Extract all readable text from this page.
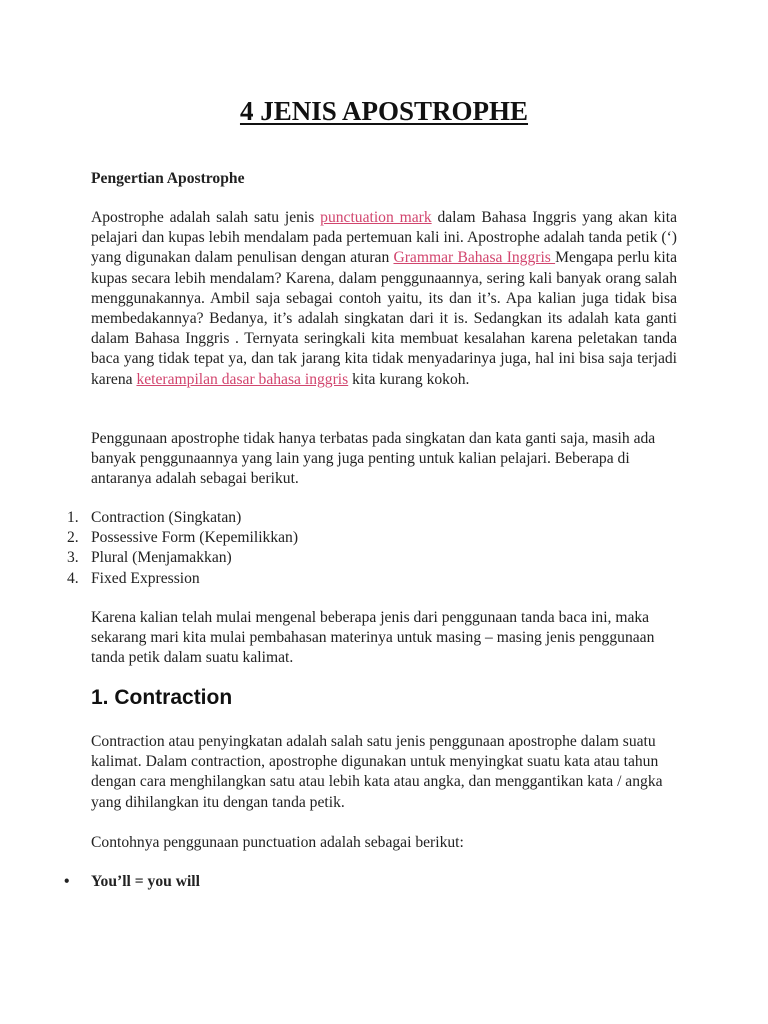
4 JENIS APOSTROPHE

Pengertian Apostrophe

Apostrophe adalah salah satu jenis punctuation mark dalam Bahasa Inggris yang akan kita pelajari dan kupas lebih mendalam pada pertemuan kali ini. Apostrophe adalah tanda petik (‘) yang digunakan dalam penulisan dengan aturan Grammar Bahasa Inggris Mengapa perlu kita kupas secara lebih mendalam? Karena, dalam penggunaannya, sering kali banyak orang salah menggunakannya. Ambil saja sebagai contoh yaitu, its dan it’s. Apa kalian juga tidak bisa membedakannya? Bedanya, it’s adalah singkatan dari it is. Sedangkan its adalah kata ganti dalam Bahasa Inggris . Ternyata seringkali kita membuat kesalahan karena peletakan tanda baca yang tidak tepat ya, dan tak jarang kita tidak menyadarinya juga, hal ini bisa saja terjadi karena keterampilan dasar bahasa inggris kita kurang kokoh.

Penggunaan apostrophe tidak hanya terbatas pada singkatan dan kata ganti saja, masih ada banyak penggunaannya yang lain yang juga penting untuk kalian pelajari. Beberapa di antaranya adalah sebagai berikut.

1. Contraction (Singkatan)
2. Possessive Form (Kepemilikkan)
3. Plural (Menjamakkan)
4. Fixed Expression

Karena kalian telah mulai mengenal beberapa jenis dari penggunaan tanda baca ini, maka sekarang mari kita mulai pembahasan materinya untuk masing – masing jenis penggunaan tanda petik dalam suatu kalimat.

1. Contraction

Contraction atau penyingkatan adalah salah satu jenis penggunaan apostrophe dalam suatu kalimat. Dalam contraction, apostrophe digunakan untuk menyingkat suatu kata atau tahun dengan cara menghilangkan satu atau lebih kata atau angka, dan menggantikan kata / angka yang dihilangkan itu dengan tanda petik.

Contohnya penggunaan punctuation adalah sebagai berikut:

• You’ll = you will
